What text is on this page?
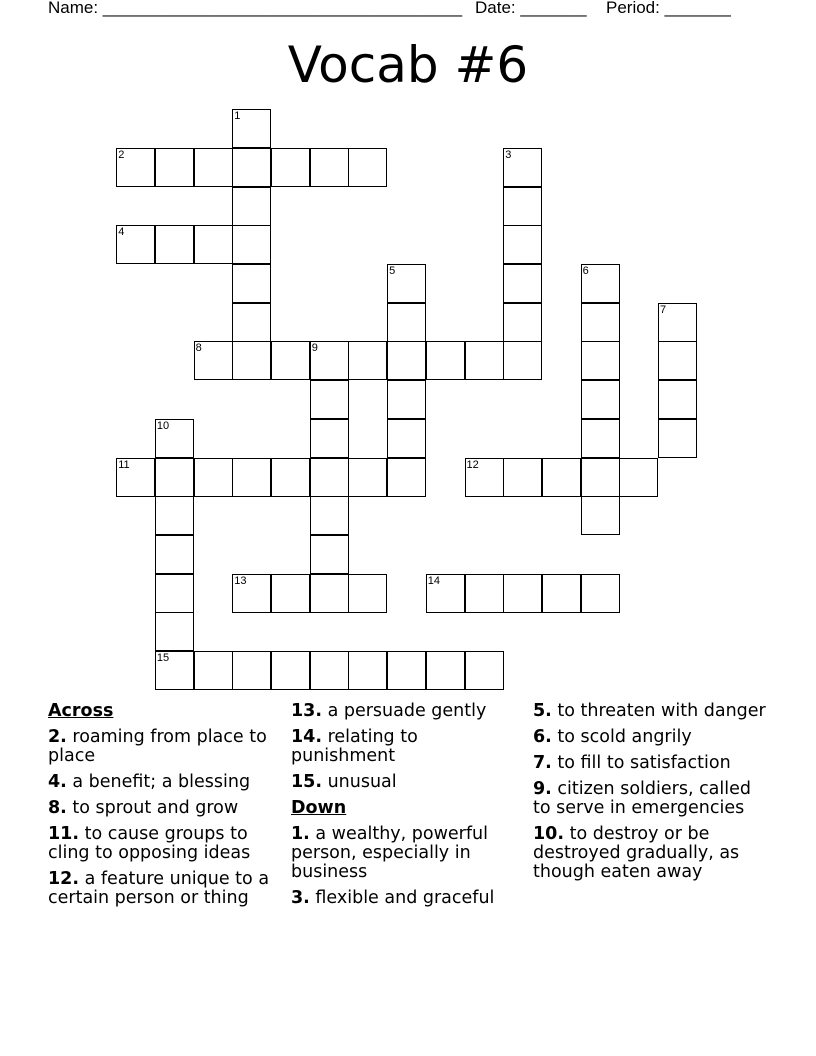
Name: ______________________________________ Date: _______ Period: _______
Vocab #6
1
2	3
4
5	6
7
8	9
10
15
11	12
13	14
Across
2. roaming from place to place
4. a benefit; a blessing
8. to sprout and grow
11. to cause groups to cling to opposing ideas
12. a feature unique to a certain person or thing
13. a persuade gently
14. relating to punishment
15. unusual
Down
1. a wealthy, powerful person, especially in business
3. flexible and graceful
5. to threaten with danger
6. to scold angrily
7. to fill to satisfaction
9. citizen soldiers, called to serve in emergencies
10. to destroy or be destroyed gradually, as though eaten away
